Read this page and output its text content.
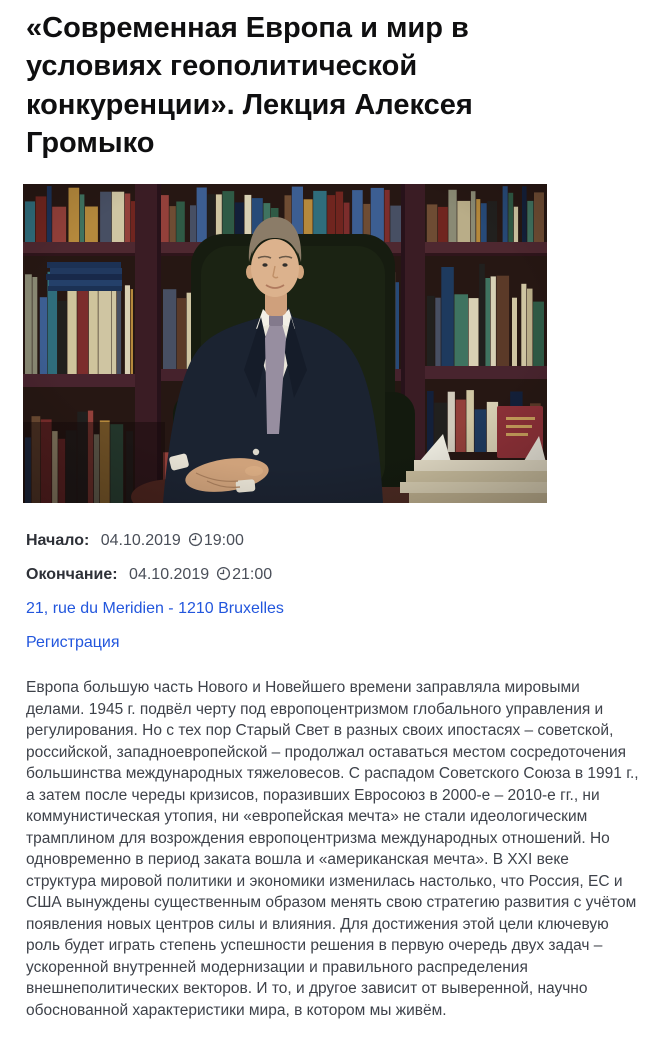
«Современная Европа и мир в условиях геополитической конкуренции». Лекция Алексея Громыко

Начало: 04.10.2019 19:00

Окончание: 04.10.2019 21:00

21, rue du Meridien - 1210 Bruxelles

Регистрация

Европа большую часть Нового и Новейшего времени заправляла мировыми делами. 1945 г. подвёл черту под европоцентризмом глобального управления и регулирования. Но с тех пор Старый Свет в разных своих ипостасях – советской, российской, западноевропейской – продолжал оставаться местом сосредоточения большинства международных тяжеловесов. С распадом Советского Союза в 1991 г., а затем после череды кризисов, поразивших Евросоюз в 2000-е – 2010-е гг., ни коммунистическая утопия, ни «европейская мечта» не стали идеологическим трамплином для возрождения европоцентризма международных отношений. Но одновременно в период заката вошла и «американская мечта». В XXI веке структура мировой политики и экономики изменилась настолько, что Россия, ЕС и США вынуждены существенным образом менять свою стратегию развития с учётом появления новых центров силы и влияния. Для достижения этой цели ключевую роль будет играть степень успешности решения в первую очередь двух задач – ускоренной внутренней модернизации и правильного распределения внешнеполитических векторов. И то, и другое зависит от выверенной, научно обоснованной характеристики мира, в котором мы живём.
